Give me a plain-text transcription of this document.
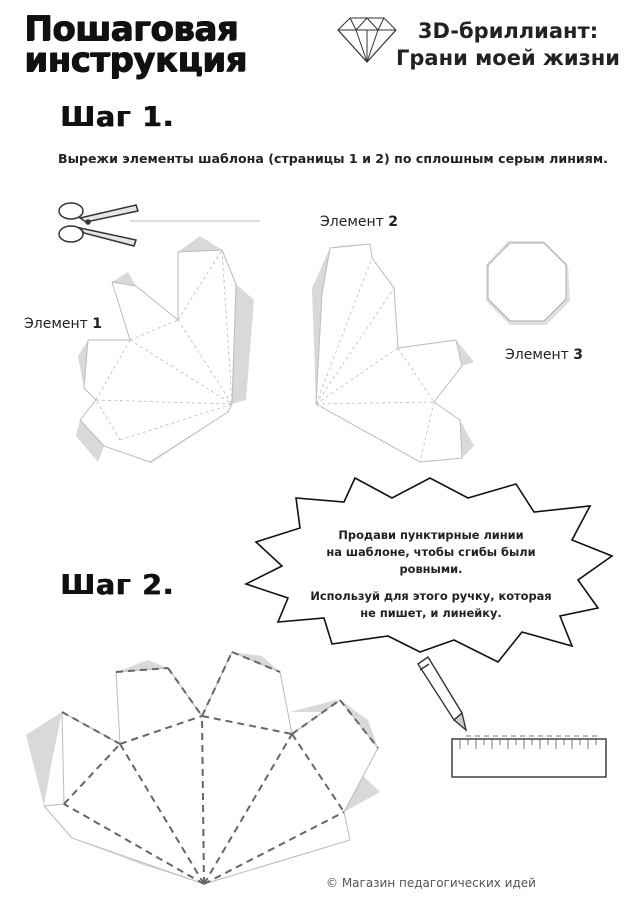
Пошаговая
инструкция
3D-бриллиант:
Грани моей жизни
Шаг 1.
Вырежи элементы шаблона (страницы 1 и 2) по сплошным серым линиям.
Элемент 1
Элемент 2
Элемент 3
Шаг 2.
Продави пунктирные линии
на шаблоне, чтобы сгибы были
ровными.
Используй для этого ручку, которая
не пишет, и линейку.
© Магазин педагогических идей
